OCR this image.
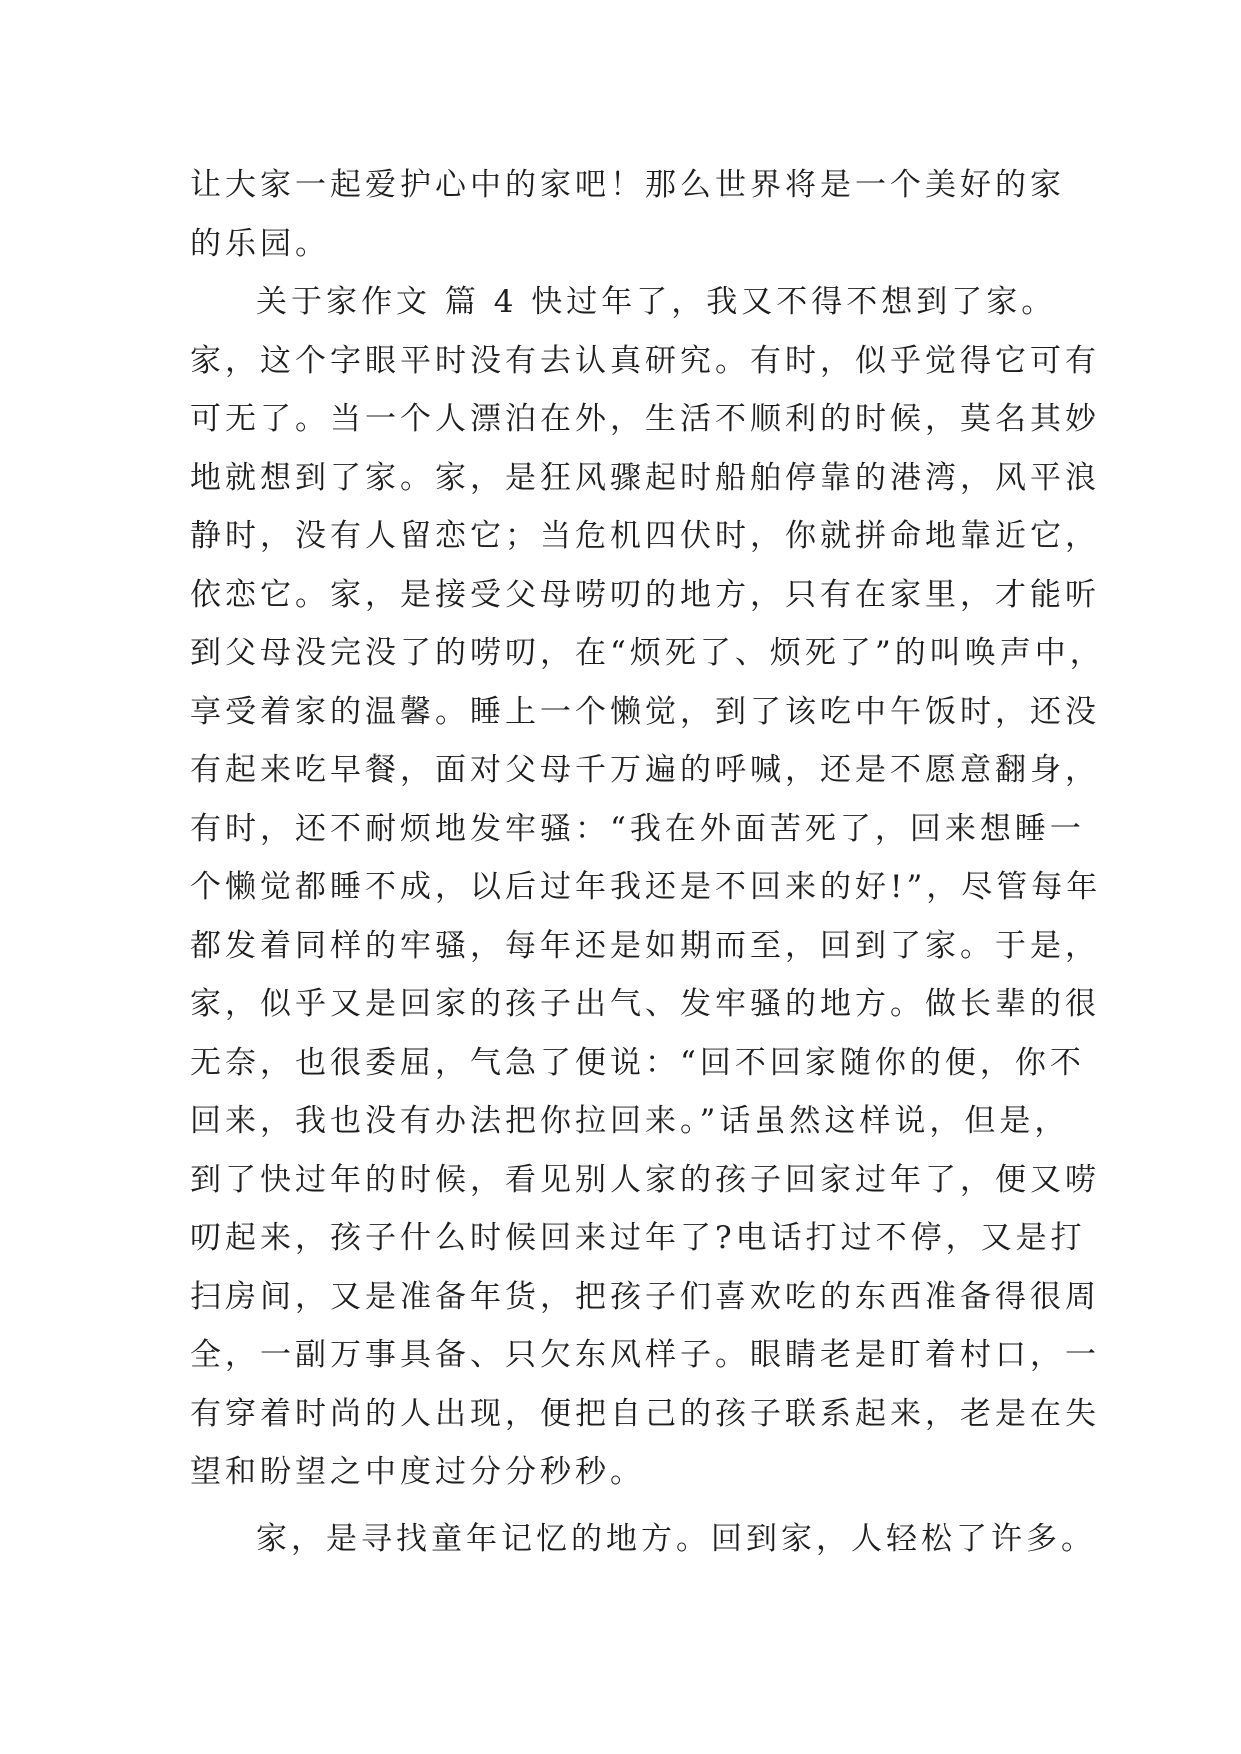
让大家一起爱护心中的家吧！那么世界将是一个美好的家
的乐园。
关于家作文 篇 4 快过年了，我又不得不想到了家。
家，这个字眼平时没有去认真研究。有时，似乎觉得它可有
可无了。当一个人漂泊在外，生活不顺利的时候，莫名其妙
地就想到了家。家，是狂风骤起时船舶停靠的港湾，风平浪
静时，没有人留恋它；当危机四伏时，你就拼命地靠近它，
依恋它。家，是接受父母唠叨的地方，只有在家里，才能听
到父母没完没了的唠叨，在“烦死了、烦死了”的叫唤声中，
享受着家的温馨。睡上一个懒觉，到了该吃中午饭时，还没
有起来吃早餐，面对父母千万遍的呼喊，还是不愿意翻身，
有时，还不耐烦地发牢骚：“我在外面苦死了，回来想睡一
个懒觉都睡不成，以后过年我还是不回来的好!”，尽管每年
都发着同样的牢骚，每年还是如期而至，回到了家。于是，
家，似乎又是回家的孩子出气、发牢骚的地方。做长辈的很
无奈，也很委屈，气急了便说：“回不回家随你的便，你不
回来，我也没有办法把你拉回来。”话虽然这样说，但是，
到了快过年的时候，看见别人家的孩子回家过年了，便又唠
叨起来，孩子什么时候回来过年了?电话打过不停，又是打
扫房间，又是准备年货，把孩子们喜欢吃的东西准备得很周
全，一副万事具备、只欠东风样子。眼睛老是盯着村口，一
有穿着时尚的人出现，便把自己的孩子联系起来，老是在失
望和盼望之中度过分分秒秒。
家，是寻找童年记忆的地方。回到家，人轻松了许多。
